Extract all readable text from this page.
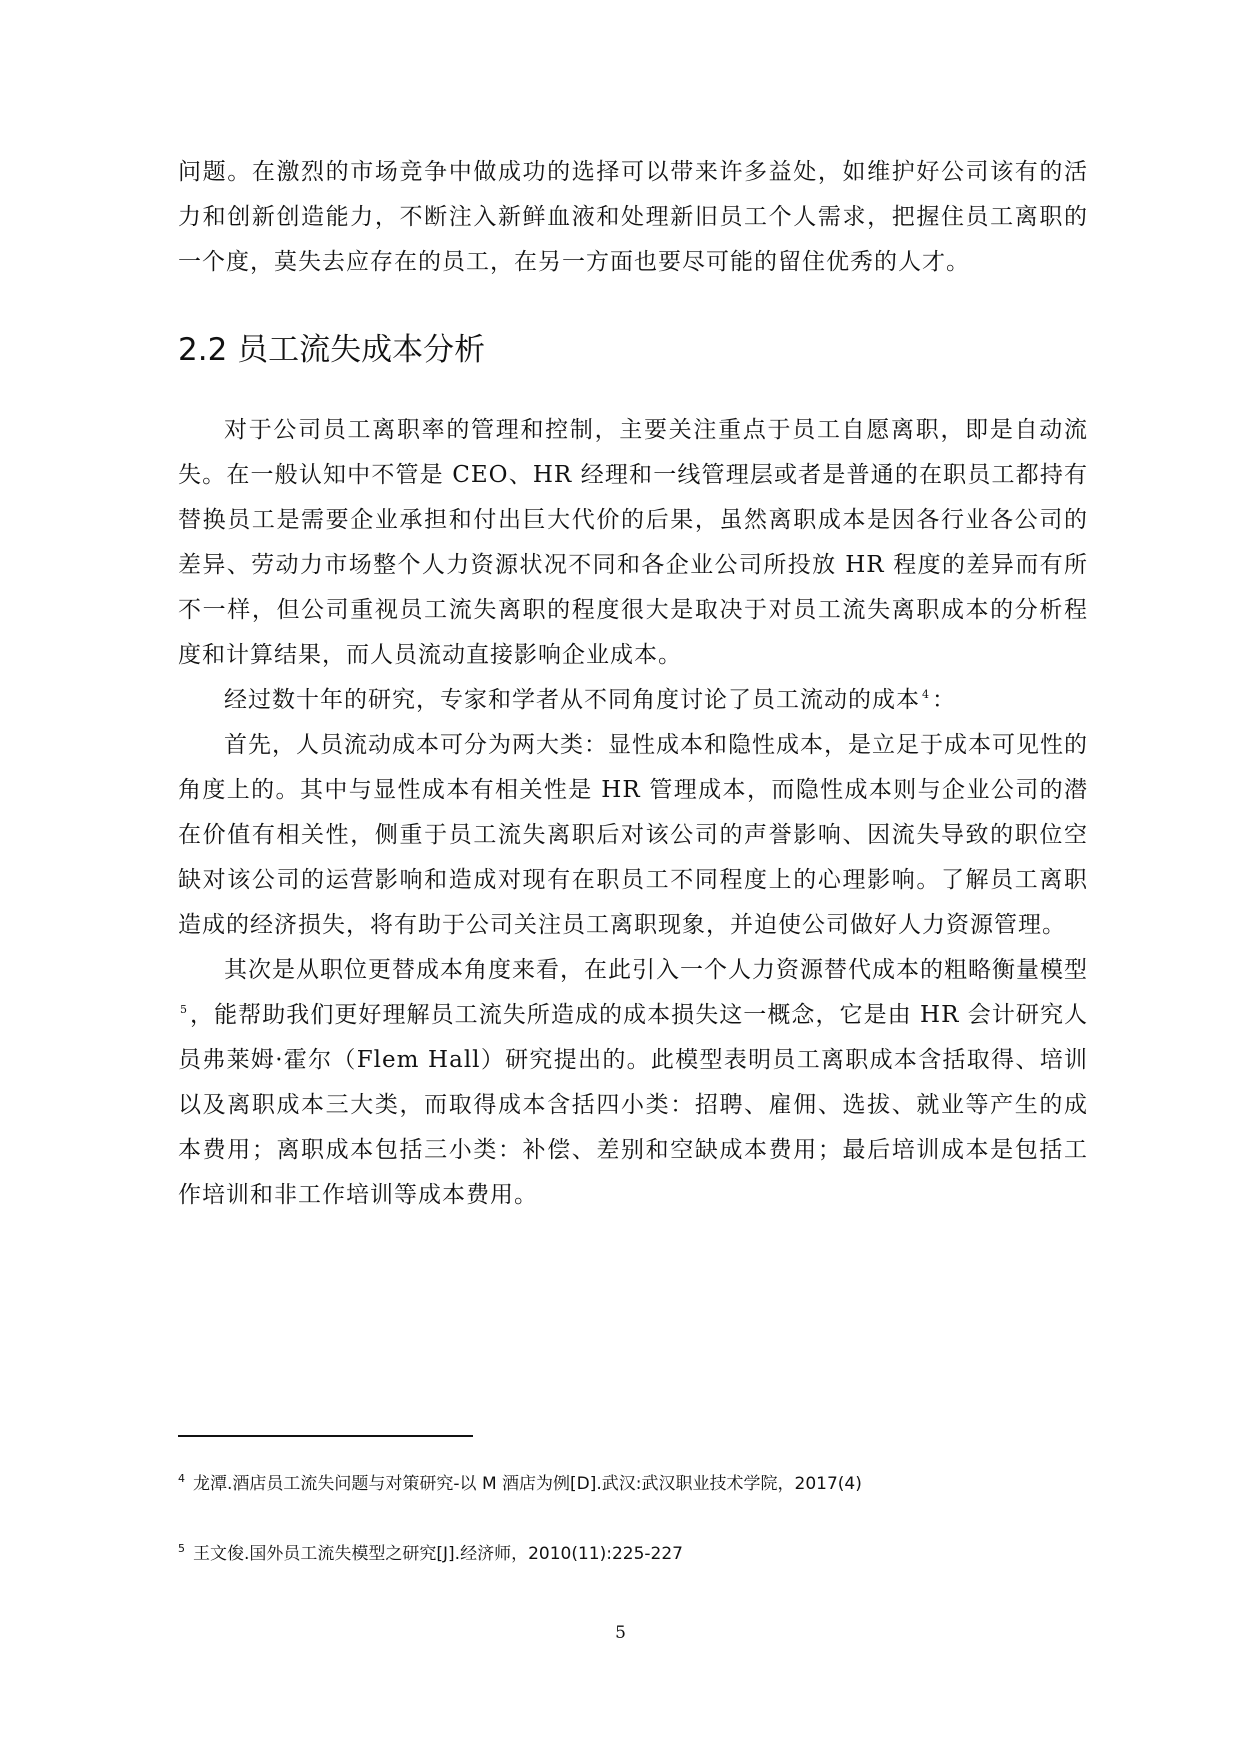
问题。在激烈的市场竞争中做成功的选择可以带来许多益处，如维护好公司该有的活力和创新创造能力，不断注入新鲜血液和处理新旧员工个人需求，把握住员工离职的一个度，莫失去应存在的员工，在另一方面也要尽可能的留住优秀的人才。

2.2 员工流失成本分析

对于公司员工离职率的管理和控制，主要关注重点于员工自愿离职，即是自动流失。在一般认知中不管是 CEO、HR 经理和一线管理层或者是普通的在职员工都持有替换员工是需要企业承担和付出巨大代价的后果，虽然离职成本是因各行业各公司的差异、劳动力市场整个人力资源状况不同和各企业公司所投放 HR 程度的差异而有所不一样，但公司重视员工流失离职的程度很大是取决于对员工流失离职成本的分析程度和计算结果，而人员流动直接影响企业成本。

经过数十年的研究，专家和学者从不同角度讨论了员工流动的成本 $^4$：

首先，人员流动成本可分为两大类：显性成本和隐性成本，是立足于成本可见性的角度上的。其中与显性成本有相关性是 HR 管理成本，而隐性成本则与企业公司的潜在价值有相关性，侧重于员工流失离职后对该公司的声誉影响、因流失导致的职位空缺对该公司的运营影响和造成对现有在职员工不同程度上的心理影响。了解员工离职造成的经济损失，将有助于公司关注员工离职现象，并迫使公司做好人力资源管理。

其次是从职位更替成本角度来看，在此引入一个人力资源替代成本的粗略衡量模型$^5$，能帮助我们更好理解员工流失所造成的成本损失这一概念，它是由 HR 会计研究人员弗莱姆·霍尔（Flem Hall）研究提出的。此模型表明员工离职成本含括取得、培训以及离职成本三大类，而取得成本含括四小类：招聘、雇佣、选拔、就业等产生的成本费用；离职成本包括三小类：补偿、差别和空缺成本费用；最后培训成本是包括工作培训和非工作培训等成本费用。

$^4$ 龙潭.酒店员工流失问题与对策研究-以 M 酒店为例[D].武汉:武汉职业技术学院，2017(4)
$^5$ 王文俊.国外员工流失模型之研究[J].经济师，2010(11):225-227
5
